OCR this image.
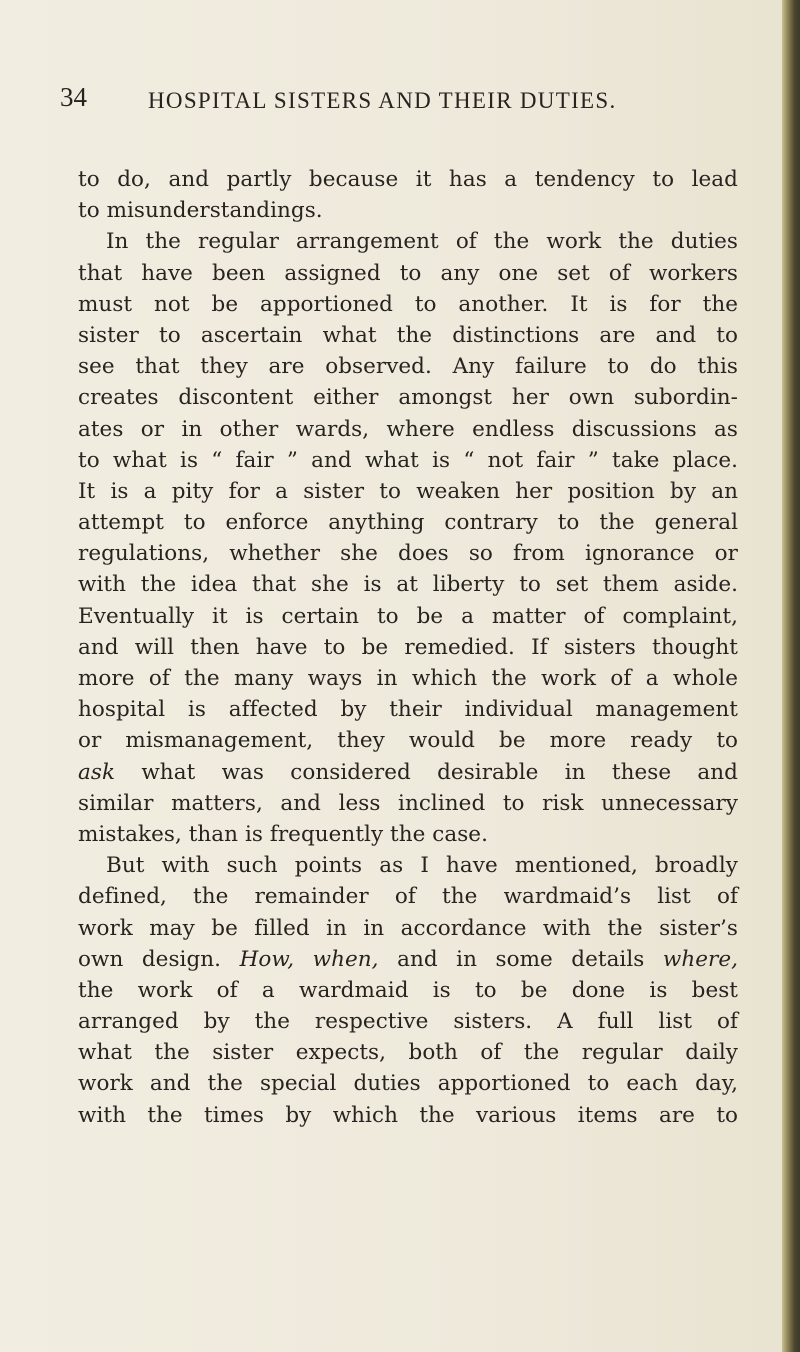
34	HOSPITAL SISTERS AND THEIR DUTIES.
to do, and partly because it has a tendency to lead
to misunderstandings.
In the regular arrangement of the work the duties
that have been assigned to any one set of workers
must not be apportioned to another. It is for the
sister to ascertain what the distinctions are and to
see that they are observed. Any failure to do this
creates discontent either amongst her own subordin-
ates or in other wards, where endless discussions as
to what is “ fair ” and what is “ not fair ” take place.
It is a pity for a sister to weaken her position by an
attempt to enforce anything contrary to the general
regulations, whether she does so from ignorance or
with the idea that she is at liberty to set them aside.
Eventually it is certain to be a matter of complaint,
and will then have to be remedied. If sisters thought
more of the many ways in which the work of a whole
hospital is affected by their individual management
or mismanagement, they would be more ready to
ask what was considered desirable in these and
similar matters, and less inclined to risk unnecessary
mistakes, than is frequently the case.
But with such points as I have mentioned, broadly
defined, the remainder of the wardmaid’s list of
work may be filled in in accordance with the sister’s
own design. How, when, and in some details where,
the work of a wardmaid is to be done is best
arranged by the respective sisters. A full list of
what the sister expects, both of the regular daily
work and the special duties apportioned to each day,
with the times by which the various items are to
